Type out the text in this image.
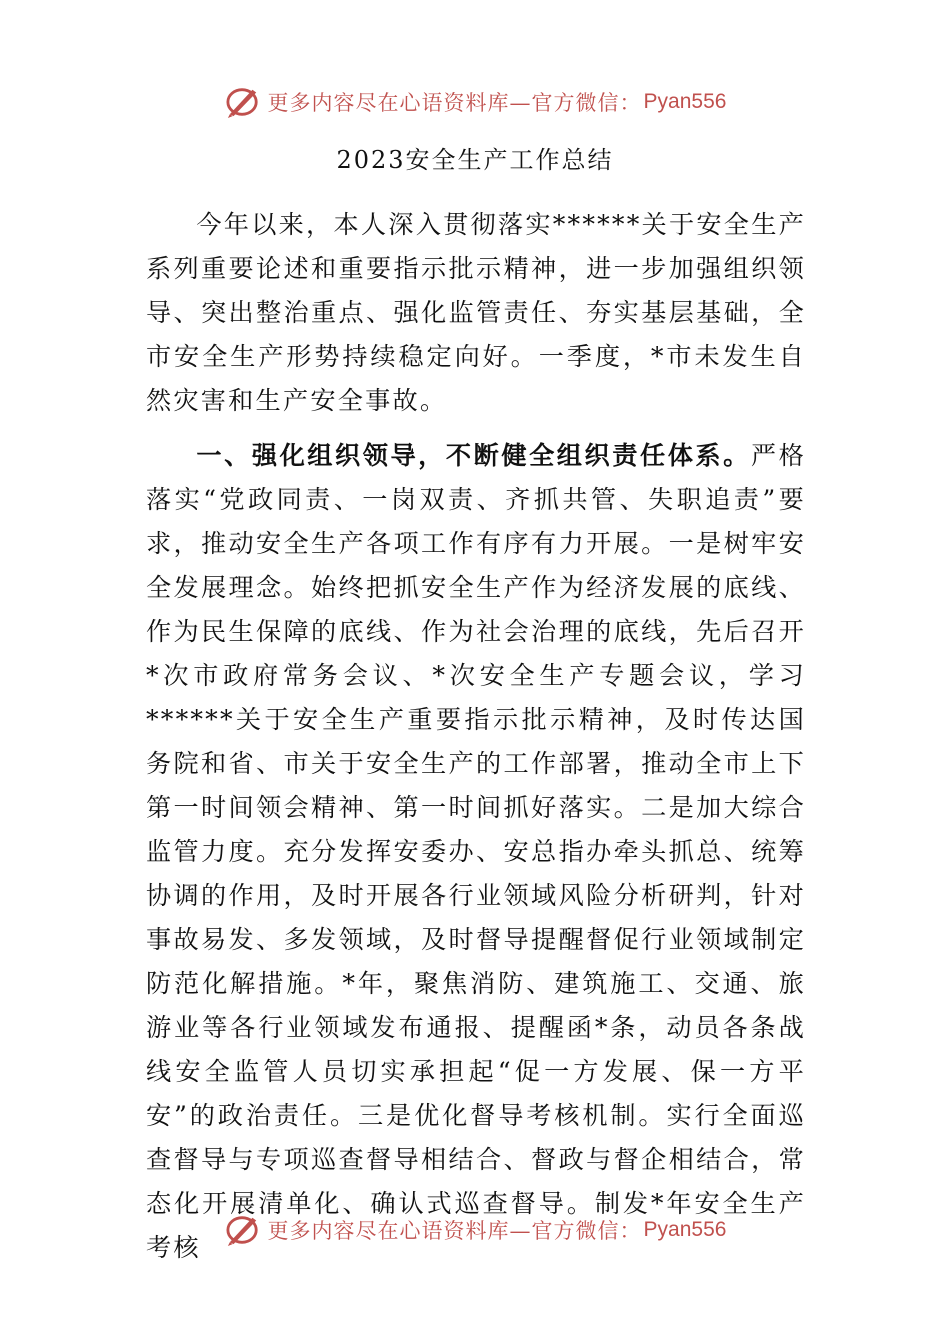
更多内容尽在心语资料库—官方微信： Pyan556
2023安全生产工作总结

今年以来，本人深入贯彻落实******关于安全生产系列重要论述和重要指示批示精神，进一步加强组织领导、突出整治重点、强化监管责任、夯实基层基础，全市安全生产形势持续稳定向好。一季度，*市未发生自然灾害和生产安全事故。

一、强化组织领导，不断健全组织责任体系。严格落实“党政同责、一岗双责、齐抓共管、失职追责”要求，推动安全生产各项工作有序有力开展。一是树牢安全发展理念。始终把抓安全生产作为经济发展的底线、作为民生保障的底线、作为社会治理的底线，先后召开*次市政府常务会议、*次安全生产专题会议，学习******关于安全生产重要指示批示精神，及时传达国务院和省、市关于安全生产的工作部署，推动全市上下第一时间领会精神、第一时间抓好落实。二是加大综合监管力度。充分发挥安委办、安总指办牵头抓总、统筹协调的作用，及时开展各行业领域风险分析研判，针对事故易发、多发领域，及时督导提醒督促行业领域制定防范化解措施。*年，聚焦消防、建筑施工、交通、旅游业等各行业领域发布通报、提醒函*条，动员各条战线安全监管人员切实承担起“促一方发展、保一方平安”的政治责任。三是优化督导考核机制。实行全面巡查督导与专项巡查督导相结合、督政与督企相结合，常态化开展清单化、确认式巡查督导。制发*年安全生产考核

更多内容尽在心语资料库—官方微信： Pyan556
